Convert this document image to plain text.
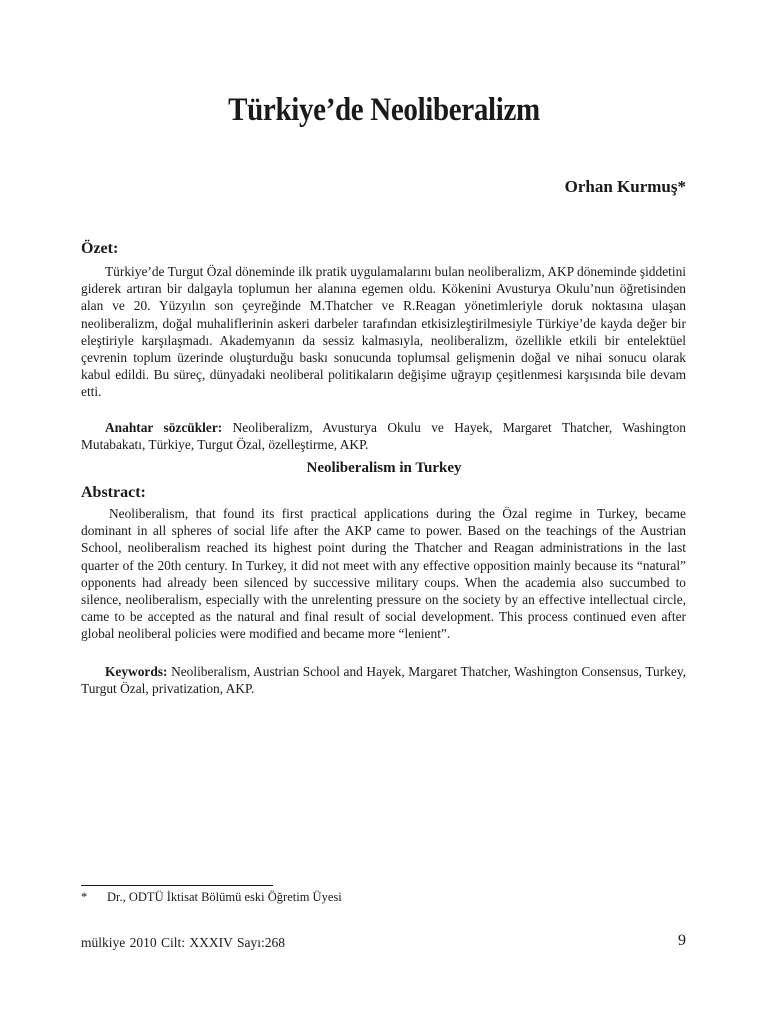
Türkiye’de Neoliberalizm

Orhan Kurmuş*

Özet:

Türkiye’de Turgut Özal döneminde ilk pratik uygulamalarını bulan neoliberalizm, AKP döneminde şiddetini giderek artıran bir dalgayla toplumun her alanına egemen oldu. Kökenini Avusturya Okulu’nun öğretisinden alan ve 20. Yüzyılın son çeyreğinde M.Thatcher ve R.Reagan yönetimleriyle doruk noktasına ulaşan neoliberalizm, doğal muhaliflerinin askeri darbeler tarafından etkisizleştirilmesiyle Türkiye’de kayda değer bir eleştiriyle karşılaşmadı. Akademyanın da sessiz kalmasıyla, neoliberalizm, özellikle etkili bir entelektüel çevrenin toplum üzerinde oluşturduğu baskı sonucunda toplumsal gelişmenin doğal ve nihai sonucu olarak kabul edildi. Bu süreç, dünyadaki neoliberal politikaların değişime uğrayıp çeşitlenmesi karşısında bile devam etti.

Anahtar sözcükler: Neoliberalizm, Avusturya Okulu ve Hayek, Margaret Thatcher, Washington Mutabakatı, Türkiye, Turgut Özal, özelleştirme, AKP.

Neoliberalism in Turkey
Abstract:

Neoliberalism, that found its first practical applications during the Özal regime in Turkey, became dominant in all spheres of social life after the AKP came to power. Based on the teachings of the Austrian School, neoliberalism reached its highest point during the Thatcher and Reagan administrations in the last quarter of the 20th century. In Turkey, it did not meet with any effective opposition mainly because its “natural” opponents had already been silenced by successive military coups. When the academia also succumbed to silence, neoliberalism, especially with the unrelenting pressure on the society by an effective intellectual circle, came to be accepted as the natural and final result of social development. This process continued even after global neoliberal policies were modified and became more “lenient”.

Keywords: Neoliberalism, Austrian School and Hayek, Margaret Thatcher, Washington Consensus, Turkey, Turgut Özal, privatization, AKP.

* Dr., ODTÜ İktisat Bölümü eski Öğretim Üyesi

mülkiye 2010 Cilt: XXXIV Sayı:268	9
